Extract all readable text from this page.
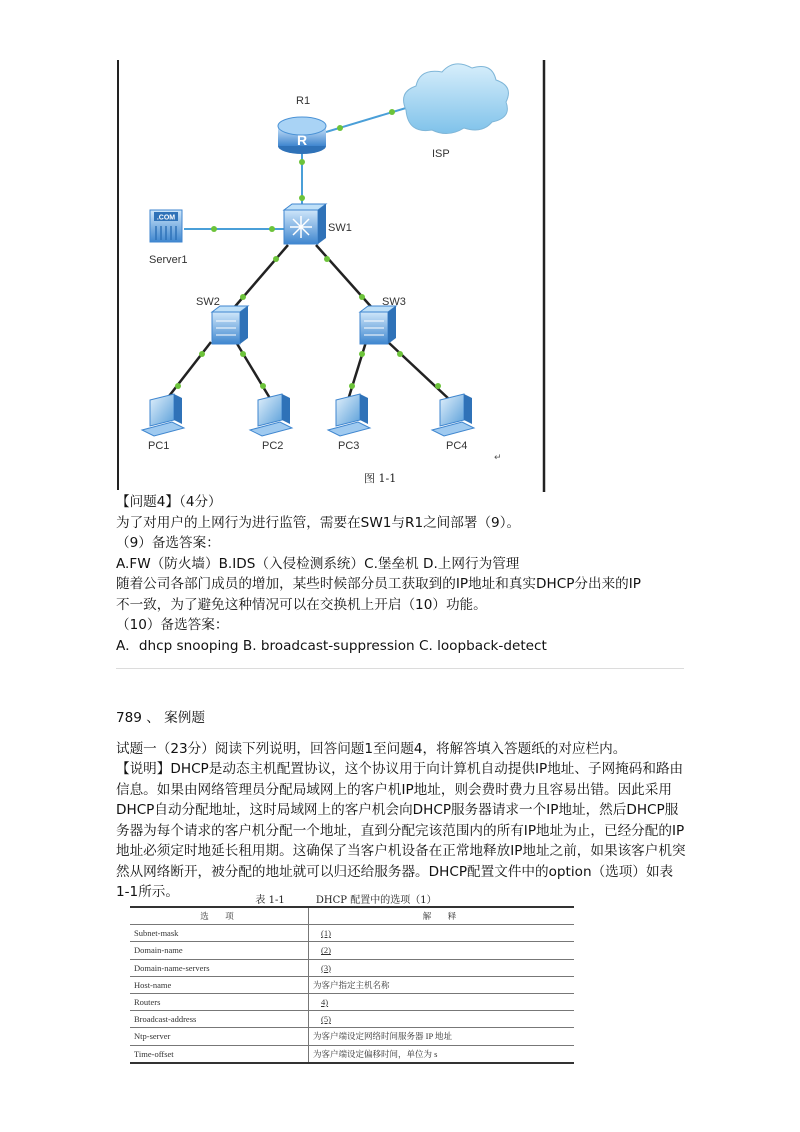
ISP
R
R1
.COM
Server1
SW1
SW2	SW3
PC1	PC2	PC3	PC4
图 1-1
↵

【问题4】（4分）

为了对用户的上网行为进行监管，需要在SW1与R1之间部署（9）。

（9）备选答案：

A.FW（防火墙）B.IDS（入侵检测系统）C.堡垒机 D.上网行为管理

随着公司各部门成员的增加，某些时候部分员工获取到的IP地址和真实DHCP分出来的IP

不一致，为了避免这种情况可以在交换机上开启（10）功能。

（10）备选答案：

A．dhcp snooping B. broadcast-suppression C. loopback-detect

789 、 案例题

试题一（23分）阅读下列说明，回答问题1至问题4，将解答填入答题纸的对应栏内。

【说明】DHCP是动态主机配置协议，这个协议用于向计算机自动提供IP地址、子网掩码和路由信息。如果由网络管理员分配局域网上的客户机IP地址，则会费时费力且容易出错。因此采用DHCP自动分配地址，这时局域网上的客户机会向DHCP服务器请求一个IP地址，然后DHCP服务器为每个请求的客户机分配一个地址，直到分配完该范围内的所有IP地址为止，已经分配的IP地址必须定时地延长租用期。这确保了当客户机设备在正常地释放IP地址之前，如果该客户机突然从网络断开，被分配的地址就可以归还给服务器。DHCP配置文件中的option（选项）如表1-1所示。

表 1-1	DHCP 配置中的选项（1）
选　项	解　释
Subnet-mask	(1)
Domain-name	(2)
Domain-name-servers	(3)
Host-name	为客户指定主机名称
Routers	4)
Broadcast-address	(5)
Ntp-server	为客户端设定网络时间服务器 IP 地址
Time-offset	为客户端设定偏移时间，单位为 s
